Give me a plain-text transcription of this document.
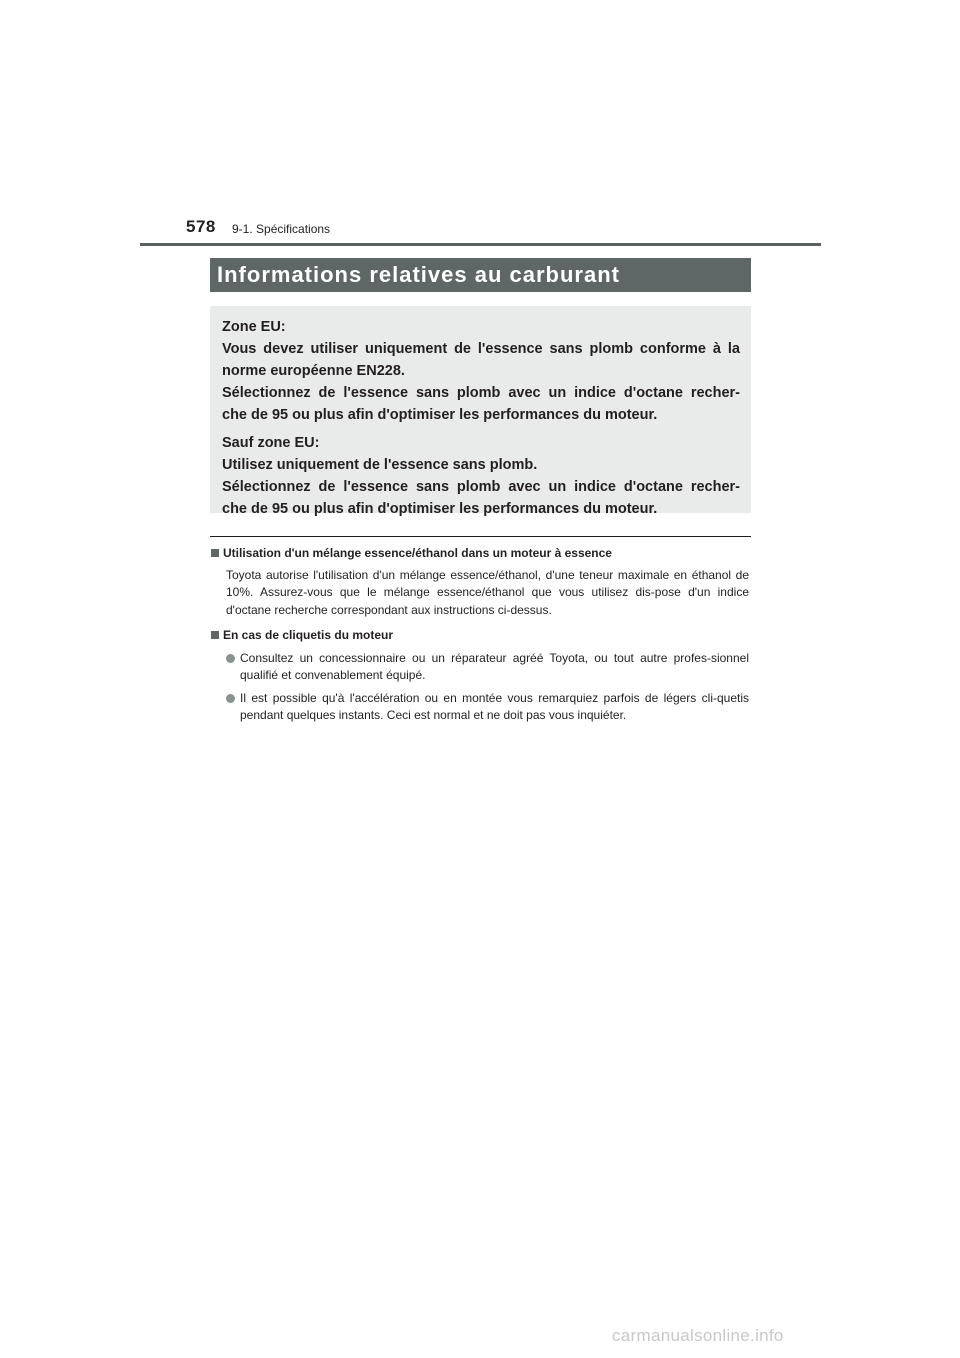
578 9-1. Spécifications
Informations relatives au carburant

Zone EU:

Vous devez utiliser uniquement de l'essence sans plomb conforme à la

norme européenne EN228.

Sélectionnez de l'essence sans plomb avec un indice d'octane recher-

che de 95 ou plus afin d'optimiser les performances du moteur.

Sauf zone EU:

Utilisez uniquement de l'essence sans plomb.

Sélectionnez de l'essence sans plomb avec un indice d'octane recher-

che de 95 ou plus afin d'optimiser les performances du moteur.

Utilisation d'un mélange essence/éthanol dans un moteur à essence

Toyota autorise l'utilisation d'un mélange essence/éthanol, d'une teneur maximale en éthanol de 10%. Assurez-vous que le mélange essence/éthanol que vous utilisez dis-pose d'un indice d'octane recherche correspondant aux instructions ci-dessus.

En cas de cliquetis du moteur

Consultez un concessionnaire ou un réparateur agréé Toyota, ou tout autre profes-sionnel qualifié et convenablement équipé.
Il est possible qu'à l'accélération ou en montée vous remarquiez parfois de légers cli-quetis pendant quelques instants. Ceci est normal et ne doit pas vous inquiéter.
carmanualsonline.info
